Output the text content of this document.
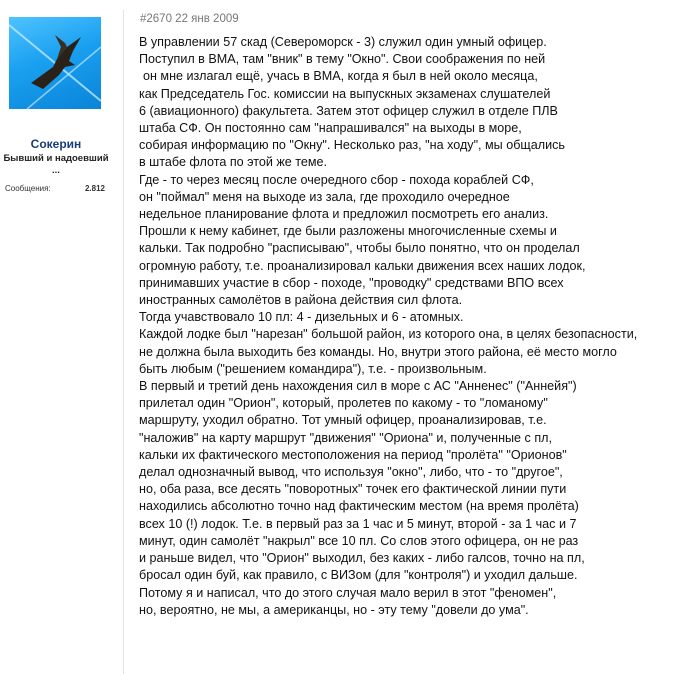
Сокерин
Бывший и надоевший
...
Сообщения:	2.812
#2670 22 янв 2009
В управлении 57 скад (Североморск - 3) служил один умный офицер.
Поступил в ВМА, там "вник" в тему "Окно". Свои соображения по ней
он мне излагал ещё, учась в ВМА, когда я был в ней около месяца,
как Председатель Гос. комиссии на выпускных экзаменах слушателей
6 (авиационного) факультета. Затем этот офицер служил в отделе ПЛВ
штаба СФ. Он постоянно сам "напрашивался" на выходы в море,
собирая информацию по "Окну". Несколько раз, "на ходу", мы общались
в штабе флота по этой же теме.
Где - то через месяц после очередного сбор - похода кораблей СФ,
он "поймал" меня на выходе из зала, где проходило очередное
недельное планирование флота и предложил посмотреть его анализ.
Прошли к нему кабинет, где были разложены многочисленные схемы и
кальки. Так подробно "расписываю", чтобы было понятно, что он проделал
огромную работу, т.е. проанализировал кальки движения всех наших лодок,
принимавших участие в сбор - походе, "проводку" средствами ВПО всех
иностранных самолётов в района действия сил флота.
Тогда учавствовало 10 пл: 4 - дизельных и 6 - атомных.
Каждой лодке был "нарезан" большой район, из которого она, в целях безопасности,
не должна была выходить без команды. Но, внутри этого района, её место могло
быть любым ("решением командира"), т.е. - произвольным.
В первый и третий день нахождения сил в море с АС "Анненес" ("Аннейя")
прилетал один "Орион", который, пролетев по какому - то "ломаному"
маршруту, уходил обратно. Тот умный офицер, проанализировав, т.е.
"наложив" на карту маршрут "движения" "Ориона" и, полученные с пл,
кальки их фактического местоположения на период "пролёта" "Орионов"
делал однозначный вывод, что используя "окно", либо, что - то "другое",
но, оба раза, все десять "поворотных" точек его фактической линии пути
находились абсолютно точно над фактическим местом (на время пролёта)
всех 10 (!) лодок. Т.е. в первый раз за 1 час и 5 минут, второй - за 1 час и 7
минут, один самолёт "накрыл" все 10 пл. Со слов этого офицера, он не раз
и раньше видел, что "Орион" выходил, без каких - либо галсов, точно на пл,
бросал один буй, как правило, с ВИЗом (для "контроля") и уходил дальше.
Потому я и написал, что до этого случая мало верил в этот "феномен",
но, вероятно, не мы, а американцы, но - эту тему "довели до ума".
